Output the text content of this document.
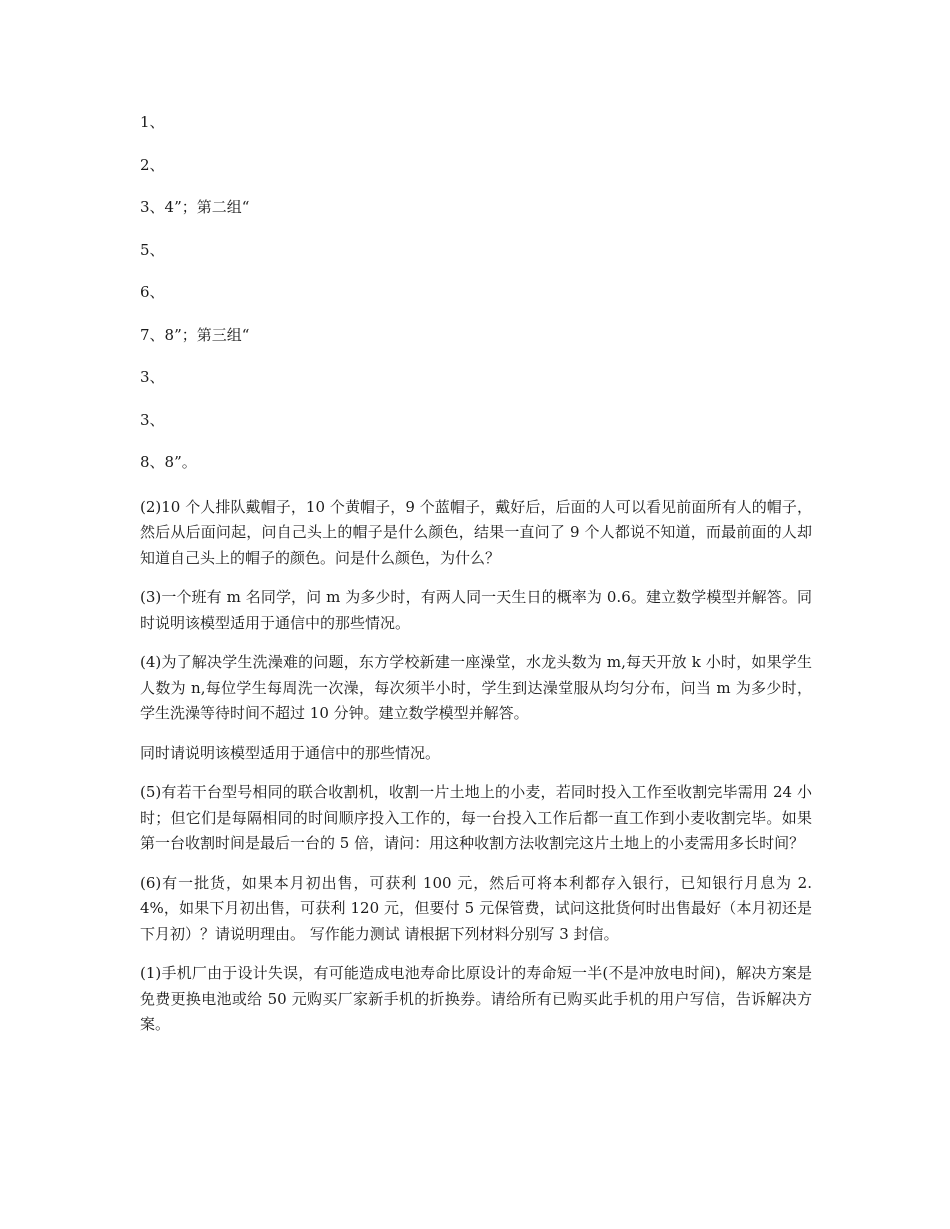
1、
2、
3、4”；第二组“
5、
6、
7、8”；第三组“
3、
3、
8、8”。

(2)10 个人排队戴帽子，10 个黄帽子，9 个蓝帽子，戴好后，后面的人可以看见前面所有人的帽子，然后从后面问起，问自己头上的帽子是什么颜色，结果一直问了 9 个人都说不知道，而最前面的人却知道自己头上的帽子的颜色。问是什么颜色，为什么？

(3)一个班有 m 名同学，问 m 为多少时，有两人同一天生日的概率为 0.6。建立数学模型并解答。同时说明该模型适用于通信中的那些情况。

(4)为了解决学生洗澡难的问题，东方学校新建一座澡堂，水龙头数为 m,每天开放 k 小时，如果学生人数为 n,每位学生每周洗一次澡，每次须半小时，学生到达澡堂服从均匀分布，问当 m 为多少时，学生洗澡等待时间不超过 10 分钟。建立数学模型并解答。

同时请说明该模型适用于通信中的那些情况。

(5)有若干台型号相同的联合收割机，收割一片土地上的小麦，若同时投入工作至收割完毕需用 24 小时；但它们是每隔相同的时间顺序投入工作的，每一台投入工作后都一直工作到小麦收割完毕。如果第一台收割时间是最后一台的 5 倍，请问：用这种收割方法收割完这片土地上的小麦需用多长时间？

(6)有一批货，如果本月初出售，可获利 100 元，然后可将本利都存入银行，已知银行月息为 2.4%，如果下月初出售，可获利 120 元，但要付 5 元保管费，试问这批货何时出售最好（本月初还是下月初）？请说明理由。 写作能力测试 请根据下列材料分别写 3 封信。

(1)手机厂由于设计失误，有可能造成电池寿命比原设计的寿命短一半(不是冲放电时间)，解决方案是免费更换电池或给 50 元购买厂家新手机的折换券。请给所有已购买此手机的用户写信，告诉解决方案。
